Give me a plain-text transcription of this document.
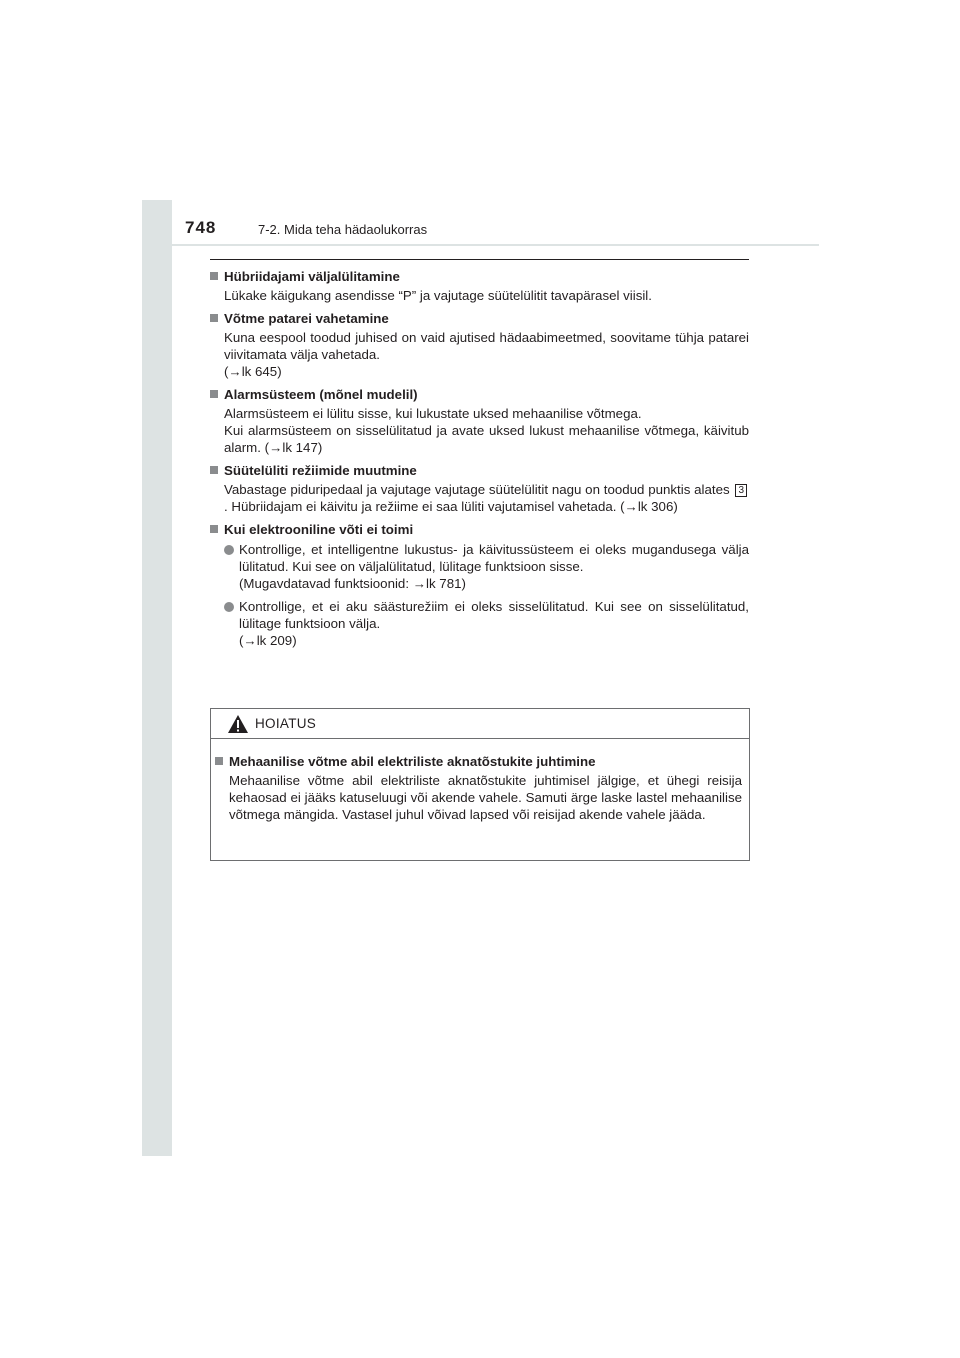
748	7-2. Mida teha hädaolukorras
Hübriidajami väljalülitamine

Lükake käigukang asendisse “P” ja vajutage süütelülitit tavapärasel viisil.

Võtme patarei vahetamine

Kuna eespool toodud juhised on vaid ajutised hädaabimeetmed, soovitame tühja patarei viivitamata välja vahetada.

(→lk 645)

Alarmsüsteem (mõnel mudelil)

Alarmsüsteem ei lülitu sisse, kui lukustate uksed mehaanilise võtmega.

Kui alarmsüsteem on sisselülitatud ja avate uksed lukust mehaanilise võtmega, käivitub alarm. (→lk 147)

Süütelüliti režiimide muutmine

Vabastage piduripedaal ja vajutage vajutage süütelülitit nagu on toodud punktis alates 3. Hübriidajam ei käivitu ja režiime ei saa lüliti vajutamisel vahetada. (→lk 306)

Kui elektrooniline võti ei toimi

Kontrollige, et intelligentne lukustus- ja käivitussüsteem ei oleks mugandusega välja lülitatud. Kui see on väljalülitatud, lülitage funktsioon sisse.

(Mugavdatavad funktsioonid: →lk 781)

Kontrollige, et ei aku säästurežiim ei oleks sisselülitatud. Kui see on sisselülitatud, lülitage funktsioon välja.

(→lk 209)

HOIATUS
Mehaanilise võtme abil elektriliste aknatõstukite juhtimine

Mehaanilise võtme abil elektriliste aknatõstukite juhtimisel jälgige, et ühegi reisija kehaosad ei jääks katuseluugi või akende vahele. Samuti ärge laske lastel mehaanilise võtmega mängida. Vastasel juhul võivad lapsed või reisijad akende vahele jääda.
